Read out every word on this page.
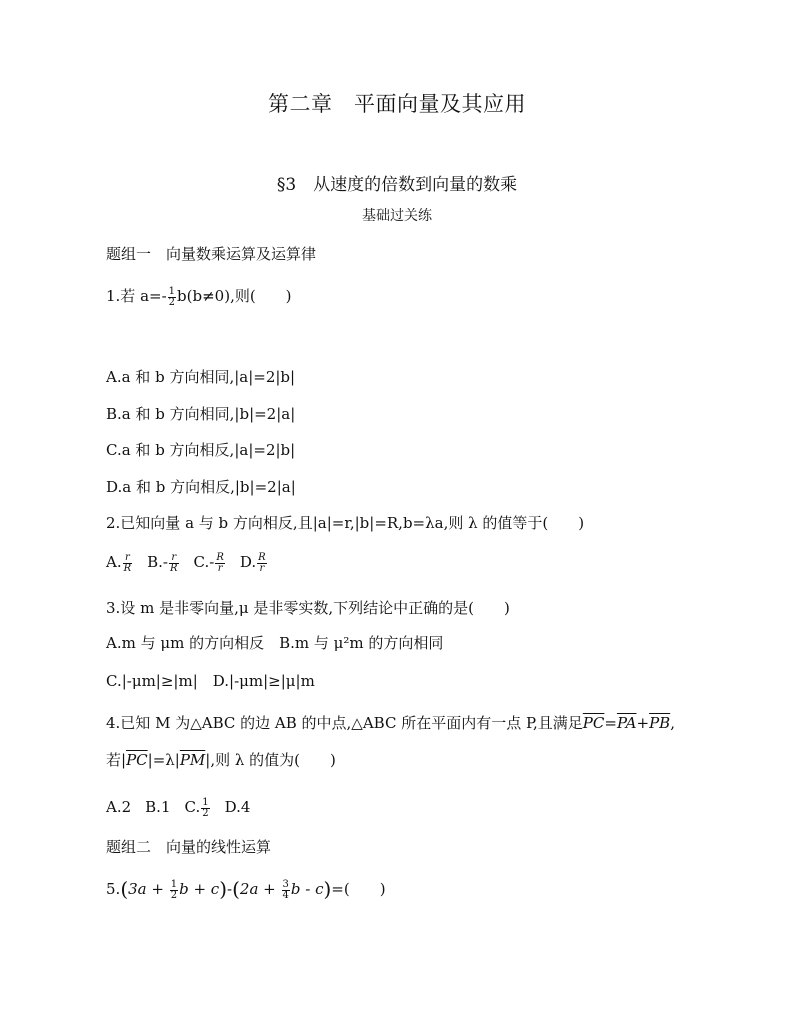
第二章　平面向量及其应用
§3　从速度的倍数到向量的数乘
基础过关练
题组一　向量数乘运算及运算律
1.若 $a=- \frac{1}{2} b(b\ne 0)$,则(　　)
A.a 和 b 方向相同,|a|=2|b|
B.a 和 b 方向相同,|b|=2|a|
C.a 和 b 方向相反,|a|=2|b|
D.a 和 b 方向相反,|b|=2|a|
2.已知向量 a 与 b 方向相反,且|a|=r,|b|=R,b=λa,则 λ 的值等于(　　)
A. $\frac{r}{R} B.- \frac{r}{R} C.- \frac{R}{r} D$. $\frac{R}{r}$
3.设 m 是非零向量,μ 是非零实数,下列结论中正确的是(　　)
A.m 与 μm 的方向相反　B.m 与 μ²m 的方向相同
C.|-μm|≥|m|　D.|-μm|≥|μ|m
4.已知 M 为△ABC 的边 AB 的中点,△ABC 所在平面内有一点 P,且满足$\overline{PC}=\overline{PA}+\overline{PB}$,
若$|\overline{PC}|=\lambda|\overline{PM}|$,则 λ 的值为(　　)
A.2 B.1 C. $\frac{1}{2} D.4$
题组二　向量的线性运算
$5.(3a + \frac{1}{2}$ $b + c)-(2a + \frac{3}{4}$ b - c)=(　　)
